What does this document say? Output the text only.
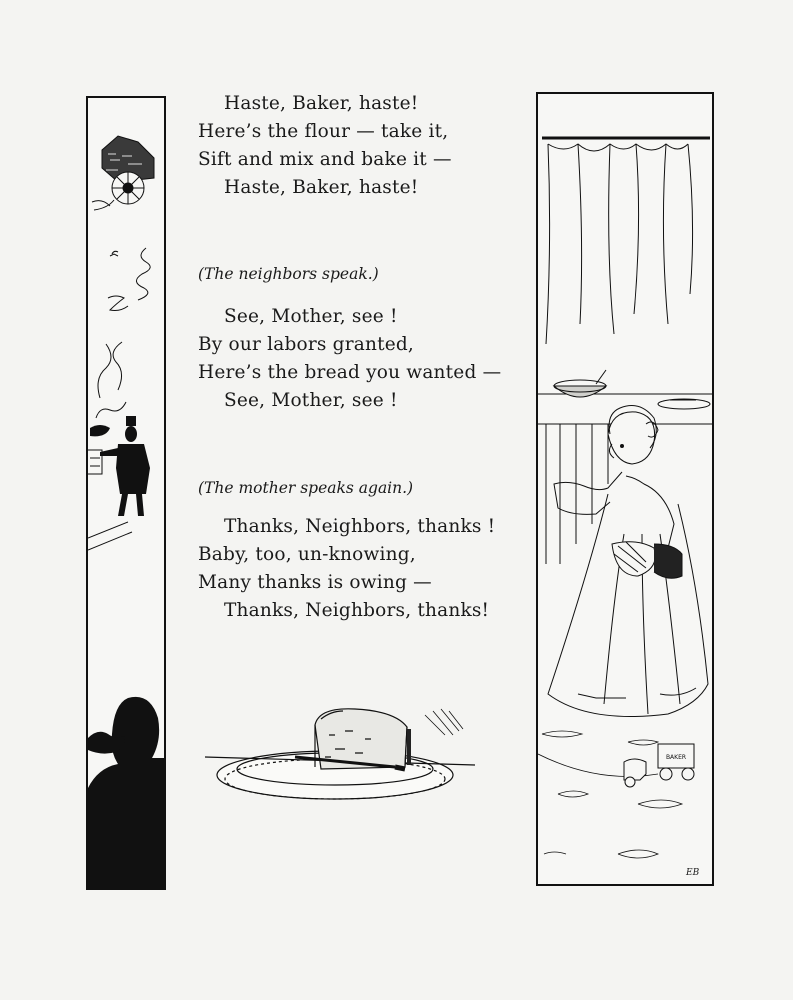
Haste, Baker, haste!
Here’s the flour — take it,
Sift and mix and bake it —
Haste, Baker, haste!
(The neighbors speak.)
See, Mother, see !
By our labors granted,
Here’s the bread you wanted —
See, Mother, see !
(The mother speaks again.)
Thanks, Neighbors, thanks !
Baby, too, un-knowing,
Many thanks is owing —
Thanks, Neighbors, thanks!
BAKER
EB
